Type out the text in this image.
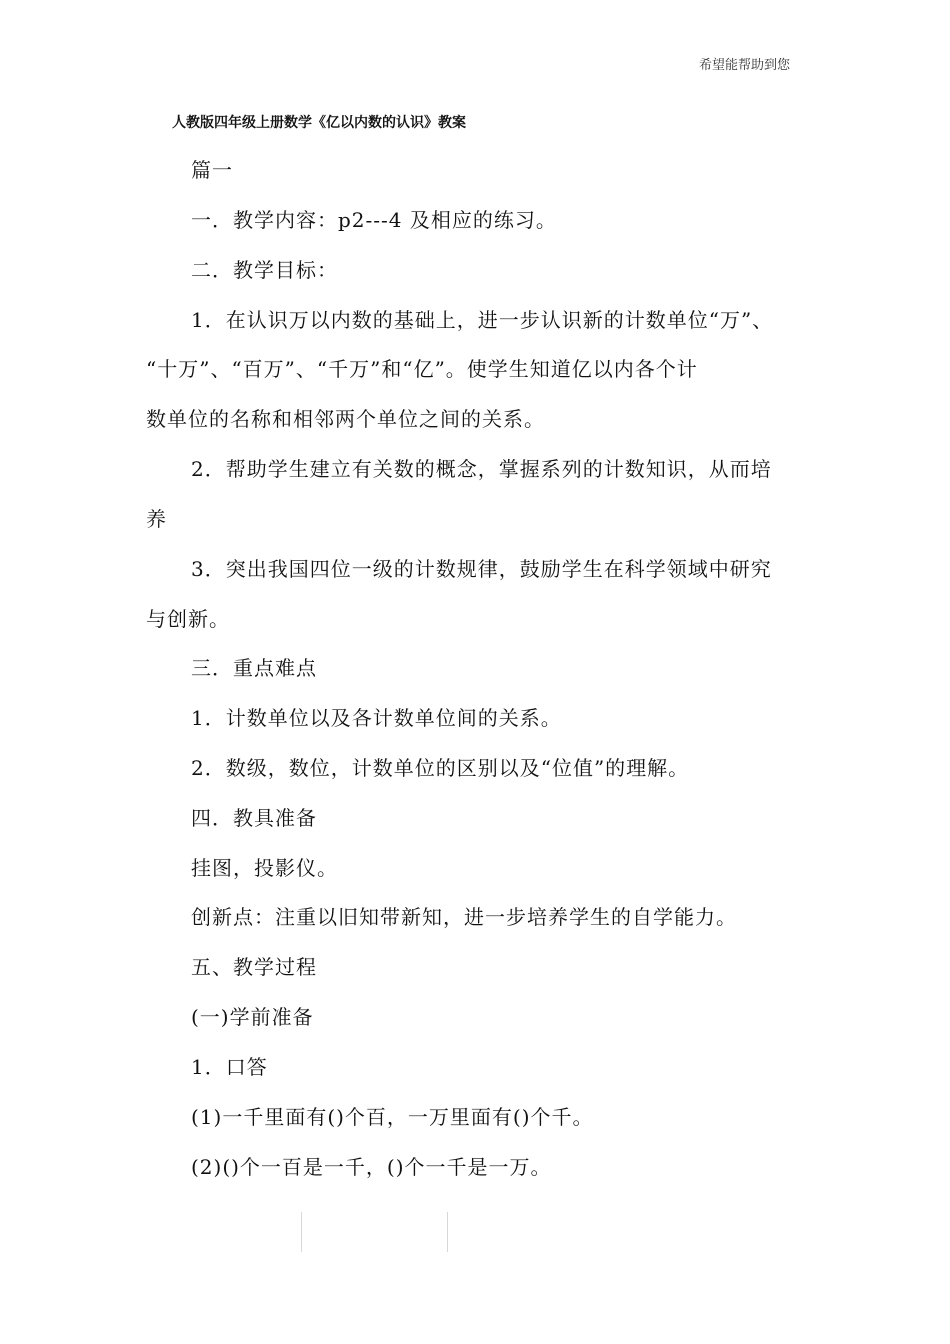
希望能帮助到您
人教版四年级上册数学《亿以内数的认识》教案
篇一
一．教学内容：p2---4 及相应的练习。
二．教学目标：
1．在认识万以内数的基础上，进一步认识新的计数单位“万”、
“十万”、“百万”、“千万”和“亿”。使学生知道亿以内各个计
数单位的名称和相邻两个单位之间的关系。
2．帮助学生建立有关数的概念，掌握系列的计数知识，从而培
养
3．突出我国四位一级的计数规律，鼓励学生在科学领域中研究
与创新。
三．重点难点
1．计数单位以及各计数单位间的关系。
2．数级，数位，计数单位的区别以及“位值”的理解。
四．教具准备
挂图，投影仪。
创新点：注重以旧知带新知，进一步培养学生的自学能力。
五、教学过程
(一)学前准备
1．口答
(1)一千里面有()个百，一万里面有()个千。
(2)()个一百是一千，()个一千是一万。
